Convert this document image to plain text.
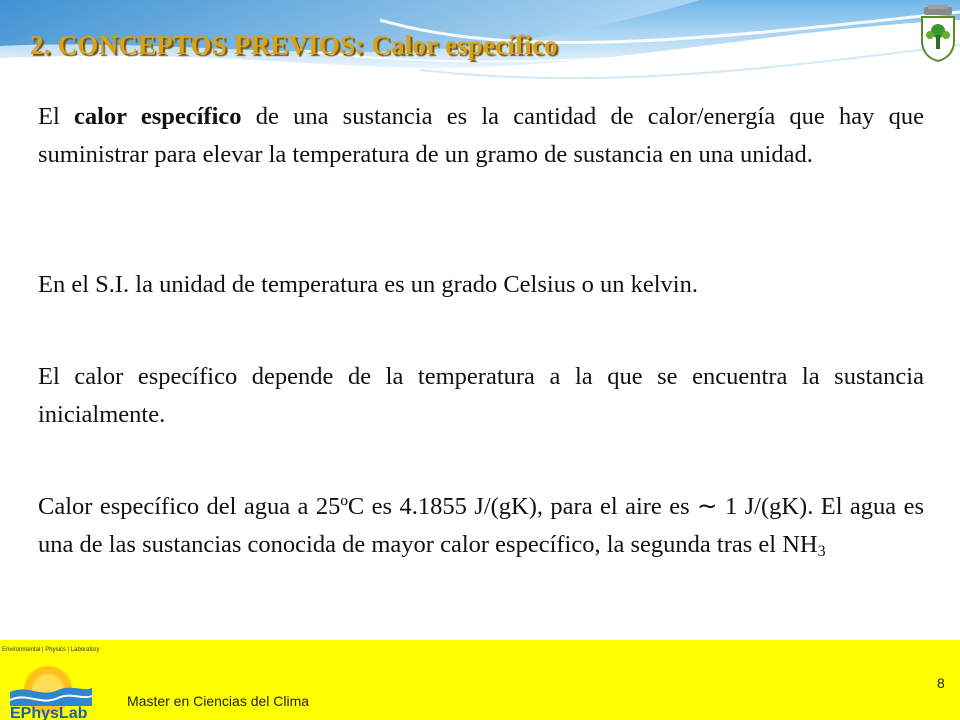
2. CONCEPTOS PREVIOS: Calor específico
El calor específico de una sustancia es la cantidad de calor/energía que hay que suministrar para elevar la temperatura de un gramo de sustancia en una unidad.
En el S.I. la unidad de temperatura es un grado Celsius o un kelvin.
El calor específico depende de la temperatura a la que se encuentra la sustancia inicialmente.
Calor específico del agua a 25ºC es 4.1855 J/(gK), para el aire es ∼ 1 J/(gK). El agua es una de las sustancias conocida de mayor calor específico, la segunda tras el $NH_3$
Environmental | Physics | Laboratory
EPhysLab
8
Master en Ciencias del Clima
